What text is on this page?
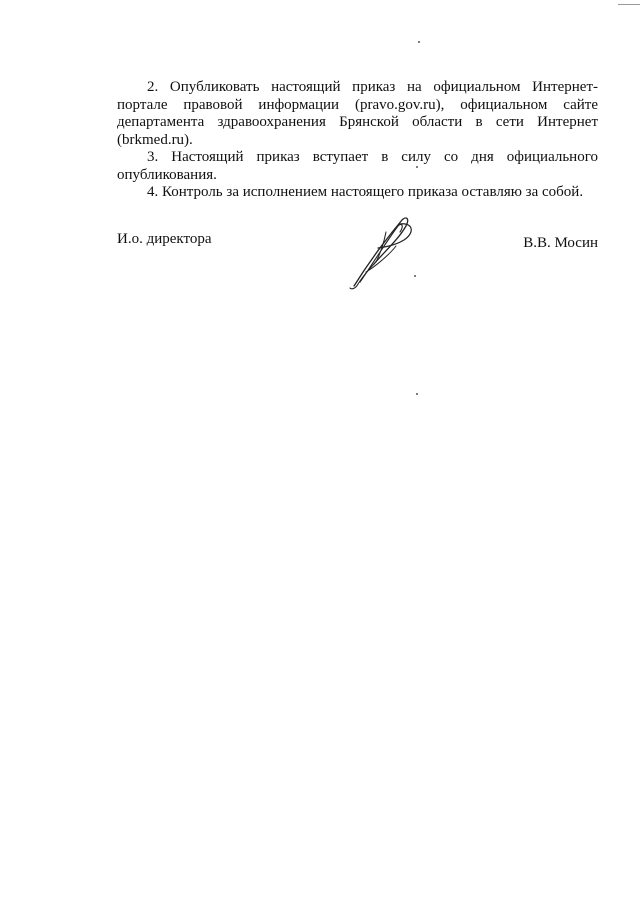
2. Опубликовать настоящий приказ на официальном Интернет-портале правовой информации (pravo.gov.ru), официальном сайте департамента здравоохранения Брянской области в сети Интернет (brkmed.ru).

3. Настоящий приказ вступает в силу со дня официального опубликования.

4. Контроль за исполнением настоящего приказа оставляю за собой.

И.о. директора	В.В. Мосин
